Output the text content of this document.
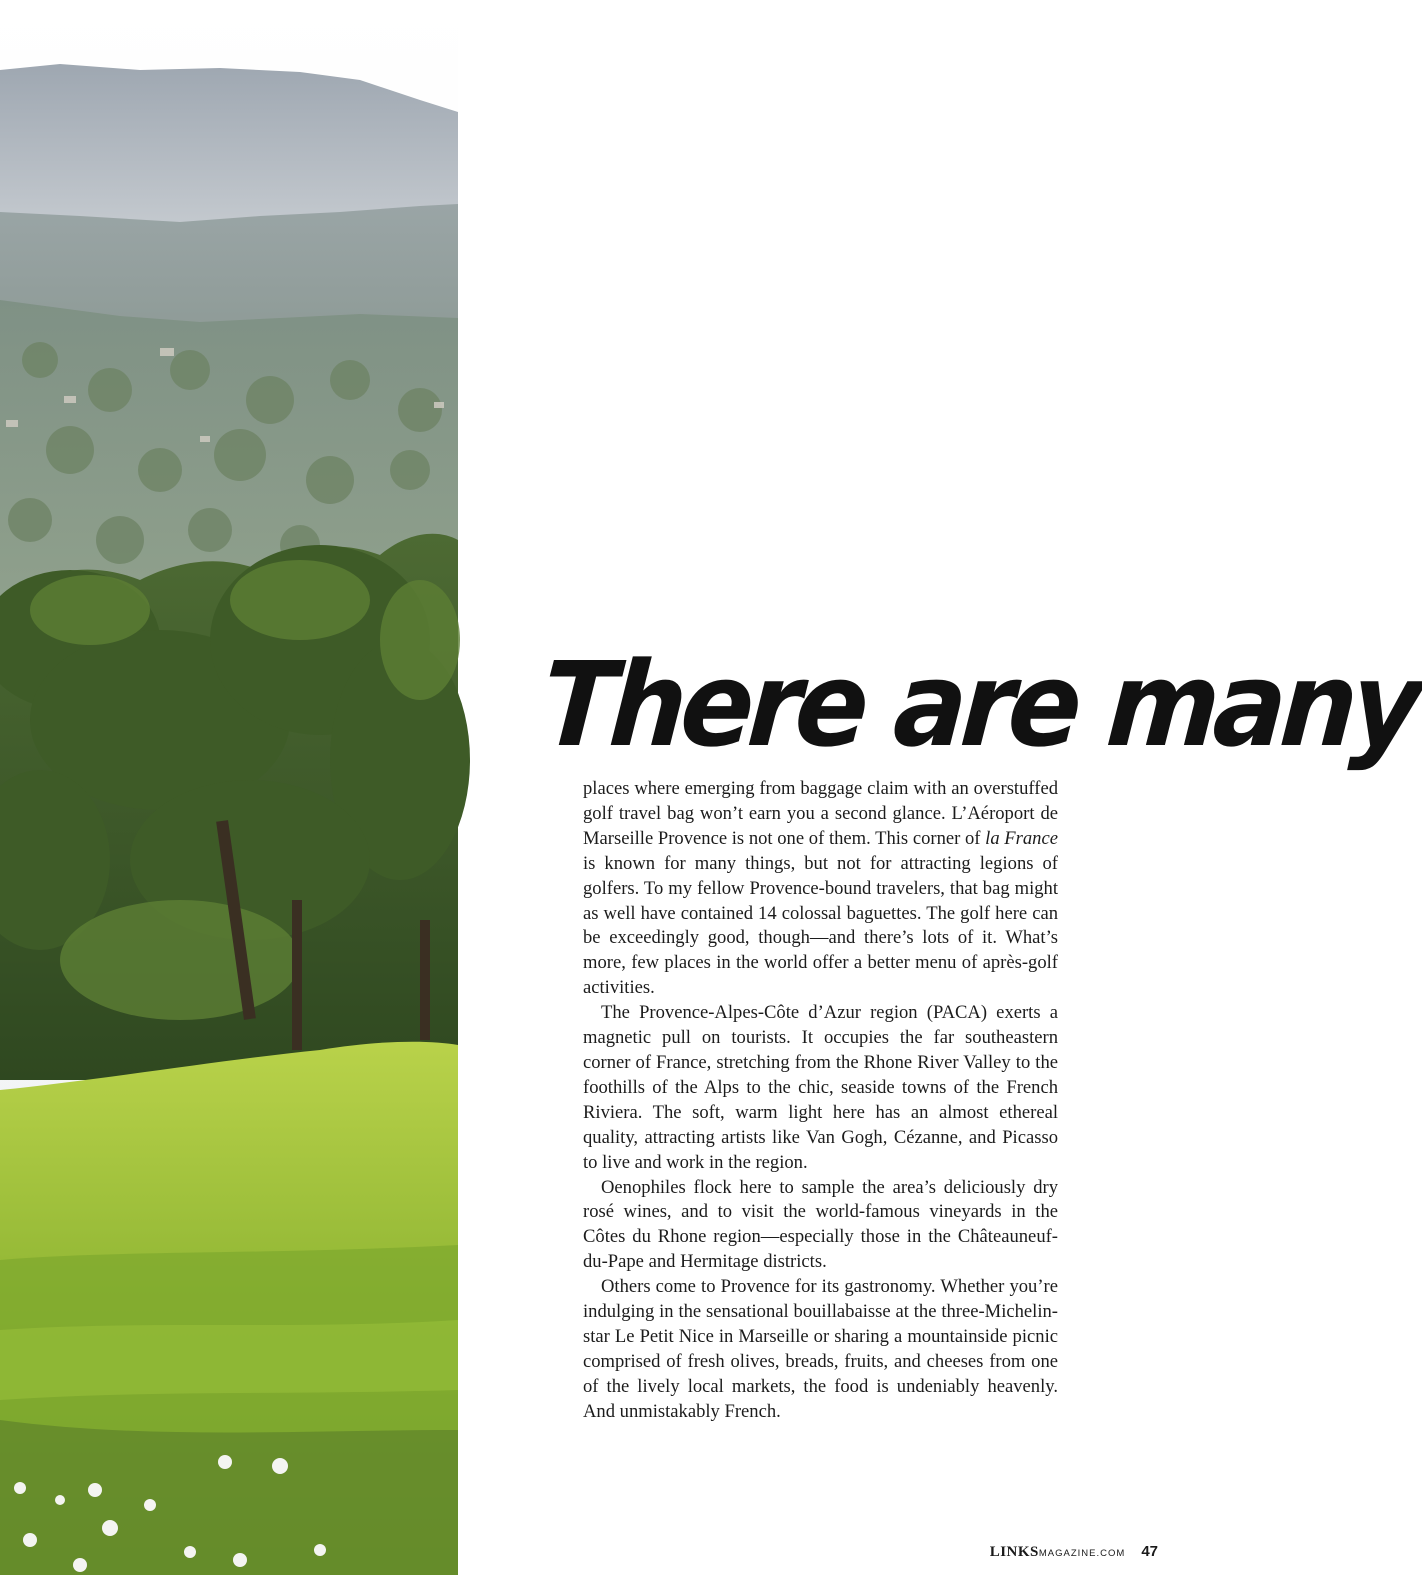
There are many

places where emerging from baggage claim with an overstuffed golf travel bag won’t earn you a second glance. L’Aéroport de Marseille Provence is not one of them. This corner of la France is known for many things, but not for attracting legions of golfers. To my fellow Provence-bound travelers, that bag might as well have contained 14 colossal baguettes. The golf here can be exceedingly good, though—and there’s lots of it. What’s more, few places in the world offer a better menu of après-golf activities.

The Provence-Alpes-Côte d’Azur region (PACA) exerts a magnetic pull on tourists. It occupies the far southeastern corner of France, stretching from the Rhone River Valley to the foothills of the Alps to the chic, seaside towns of the French Riviera. The soft, warm light here has an almost ethereal quality, attracting artists like Van Gogh, Cézanne, and Picasso to live and work in the region.

Oenophiles flock here to sample the area’s deliciously dry rosé wines, and to visit the world-famous vineyards in the Côtes du Rhone region—especially those in the Châteauneuf-du-Pape and Hermitage districts.

Others come to Provence for its gastronomy. Whether you’re indulging in the sensational bouillabaisse at the three-Michelin-star Le Petit Nice in Marseille or sharing a mountainside picnic comprised of fresh olives, breads, fruits, and cheeses from one of the lively local markets, the food is undeniably heavenly. And unmistakably French.

LINKSMAGAZINE.COM 47
